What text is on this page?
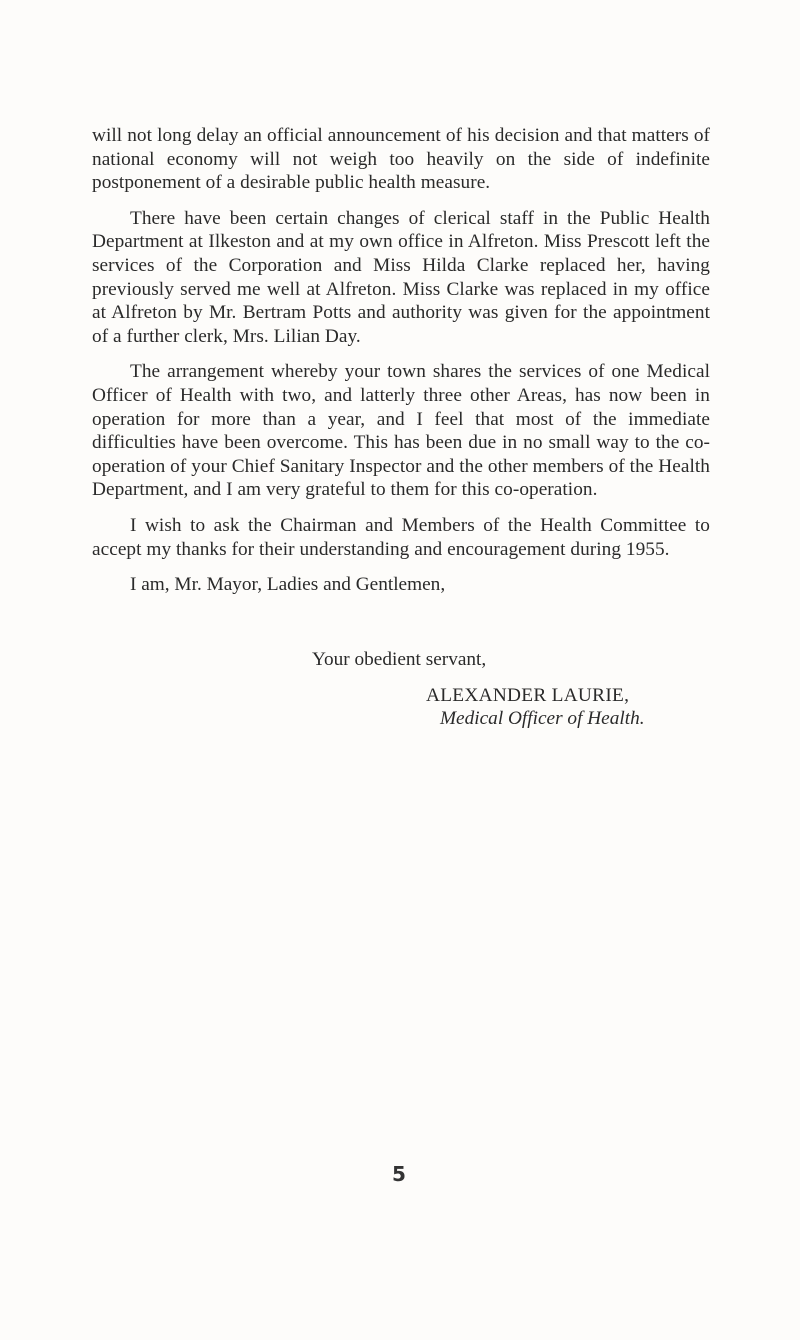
will not long delay an official announcement of his decision and that matters of national economy will not weigh too heavily on the side of indefinite postponement of a desirable public health measure.

There have been certain changes of clerical staff in the Public Health Department at Ilkeston and at my own office in Alfreton. Miss Prescott left the services of the Corporation and Miss Hilda Clarke replaced her, having previously served me well at Alfreton. Miss Clarke was replaced in my office at Alfreton by Mr. Bertram Potts and authority was given for the appointment of a further clerk, Mrs. Lilian Day.

The arrangement whereby your town shares the services of one Medical Officer of Health with two, and latterly three other Areas, has now been in operation for more than a year, and I feel that most of the immediate difficulties have been overcome. This has been due in no small way to the co-operation of your Chief Sanitary Inspector and the other members of the Health Department, and I am very grateful to them for this co-operation.

I wish to ask the Chairman and Members of the Health Committee to accept my thanks for their understanding and encouragement during 1955.

I am, Mr. Mayor, Ladies and Gentlemen,

Your obedient servant,
ALEXANDER LAURIE,
Medical Officer of Health.
5
